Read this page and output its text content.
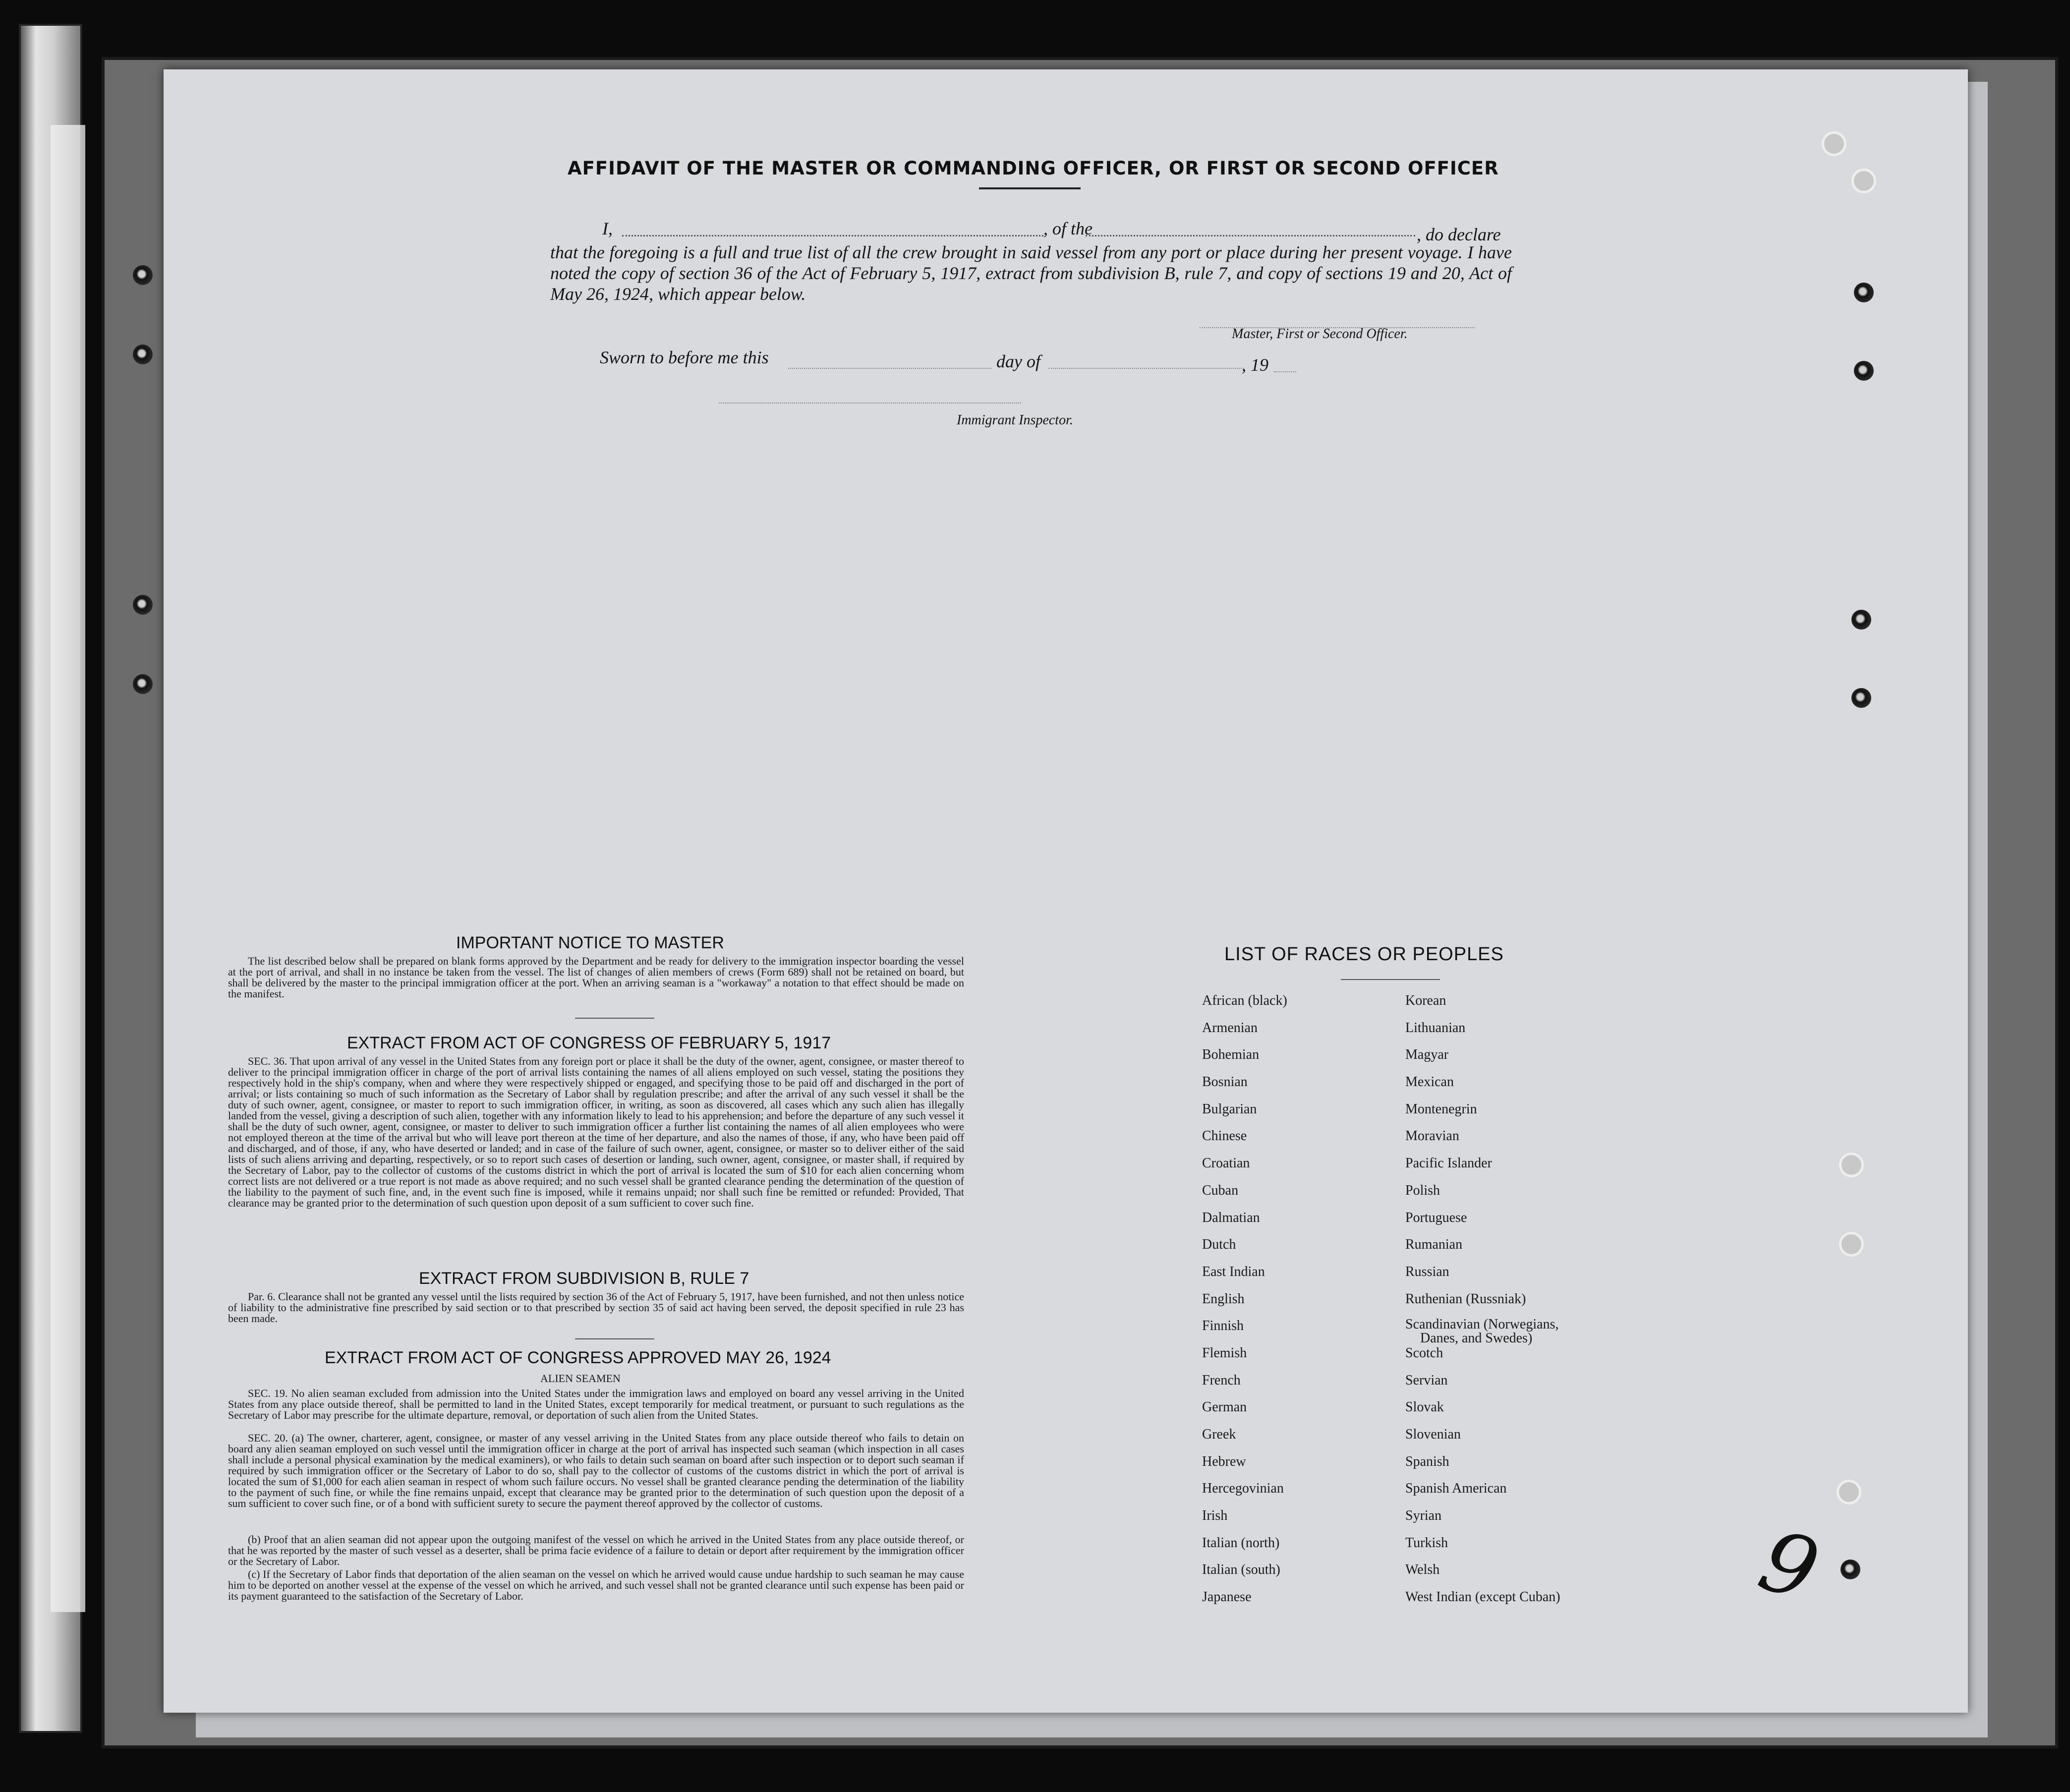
9
AFFIDAVIT OF THE MASTER OR COMMANDING OFFICER, OR FIRST OR SECOND OFFICER
I,	, of the	, do declare
that the foregoing is a full and true list of all the crew brought in said vessel from any port or place during her present voyage. I have noted the copy of section 36 of the Act of February 5, 1917, extract from subdivision B, rule 7, and copy of sections 19 and 20, Act of May 26, 1924, which appear below.
Master, First or Second Officer.
Sworn to before me this	day of	, 19
Immigrant Inspector.
IMPORTANT NOTICE TO MASTER
The list described below shall be prepared on blank forms approved by the Department and be ready for delivery to the immigration inspector boarding the vessel at the port of arrival, and shall in no instance be taken from the vessel. The list of changes of alien members of crews (Form 689) shall not be retained on board, but shall be delivered by the master to the principal immigration officer at the port. When an arriving seaman is a "workaway" a notation to that effect should be made on the manifest.
EXTRACT FROM ACT OF CONGRESS OF FEBRUARY 5, 1917
SEC. 36. That upon arrival of any vessel in the United States from any foreign port or place it shall be the duty of the owner, agent, consignee, or master thereof to deliver to the principal immigration officer in charge of the port of arrival lists containing the names of all aliens employed on such vessel, stating the positions they respectively hold in the ship's company, when and where they were respectively shipped or engaged, and specifying those to be paid off and discharged in the port of arrival; or lists containing so much of such information as the Secretary of Labor shall by regulation prescribe; and after the arrival of any such vessel it shall be the duty of such owner, agent, consignee, or master to report to such immigration officer, in writing, as soon as discovered, all cases which any such alien has illegally landed from the vessel, giving a description of such alien, together with any information likely to lead to his apprehension; and before the departure of any such vessel it shall be the duty of such owner, agent, consignee, or master to deliver to such immigration officer a further list containing the names of all alien employees who were not employed thereon at the time of the arrival but who will leave port thereon at the time of her departure, and also the names of those, if any, who have been paid off and discharged, and of those, if any, who have deserted or landed; and in case of the failure of such owner, agent, consignee, or master so to deliver either of the said lists of such aliens arriving and departing, respectively, or so to report such cases of desertion or landing, such owner, agent, consignee, or master shall, if required by the Secretary of Labor, pay to the collector of customs of the customs district in which the port of arrival is located the sum of $10 for each alien concerning whom correct lists are not delivered or a true report is not made as above required; and no such vessel shall be granted clearance pending the determination of the question of the liability to the payment of such fine, and, in the event such fine is imposed, while it remains unpaid; nor shall such fine be remitted or refunded: Provided, That clearance may be granted prior to the determination of such question upon deposit of a sum sufficient to cover such fine.
EXTRACT FROM SUBDIVISION B, RULE 7
Par. 6. Clearance shall not be granted any vessel until the lists required by section 36 of the Act of February 5, 1917, have been furnished, and not then unless notice of liability to the administrative fine prescribed by said section or to that prescribed by section 35 of said act having been served, the deposit specified in rule 23 has been made.
EXTRACT FROM ACT OF CONGRESS APPROVED MAY 26, 1924
ALIEN SEAMEN
SEC. 19. No alien seaman excluded from admission into the United States under the immigration laws and employed on board any vessel arriving in the United States from any place outside thereof, shall be permitted to land in the United States, except temporarily for medical treatment, or pursuant to such regulations as the Secretary of Labor may prescribe for the ultimate departure, removal, or deportation of such alien from the United States.
SEC. 20. (a) The owner, charterer, agent, consignee, or master of any vessel arriving in the United States from any place outside thereof who fails to detain on board any alien seaman employed on such vessel until the immigration officer in charge at the port of arrival has inspected such seaman (which inspection in all cases shall include a personal physical examination by the medical examiners), or who fails to detain such seaman on board after such inspection or to deport such seaman if required by such immigration officer or the Secretary of Labor to do so, shall pay to the collector of customs of the customs district in which the port of arrival is located the sum of $1,000 for each alien seaman in respect of whom such failure occurs. No vessel shall be granted clearance pending the determination of the liability to the payment of such fine, or while the fine remains unpaid, except that clearance may be granted prior to the determination of such question upon the deposit of a sum sufficient to cover such fine, or of a bond with sufficient surety to secure the payment thereof approved by the collector of customs.
(b) Proof that an alien seaman did not appear upon the outgoing manifest of the vessel on which he arrived in the United States from any place outside thereof, or that he was reported by the master of such vessel as a deserter, shall be prima facie evidence of a failure to detain or deport after requirement by the immigration officer or the Secretary of Labor.
(c) If the Secretary of Labor finds that deportation of the alien seaman on the vessel on which he arrived would cause undue hardship to such seaman he may cause him to be deported on another vessel at the expense of the vessel on which he arrived, and such vessel shall not be granted clearance until such expense has been paid or its payment guaranteed to the satisfaction of the Secretary of Labor.
LIST OF RACES OR PEOPLES
African (black)
Armenian
Bohemian
Bosnian
Bulgarian
Chinese
Croatian
Cuban
Dalmatian
Dutch
East Indian
English
Finnish
Flemish
French
German
Greek
Hebrew
Hercegovinian
Irish
Italian (north)
Italian (south)
Japanese
Korean
Lithuanian
Magyar
Mexican
Montenegrin
Moravian
Pacific Islander
Polish
Portuguese
Rumanian
Russian
Ruthenian (Russniak)
Scandinavian (Norwegians,
Danes, and Swedes)
Scotch
Servian
Slovak
Slovenian
Spanish
Spanish American
Syrian
Turkish
Welsh
West Indian (except Cuban)
